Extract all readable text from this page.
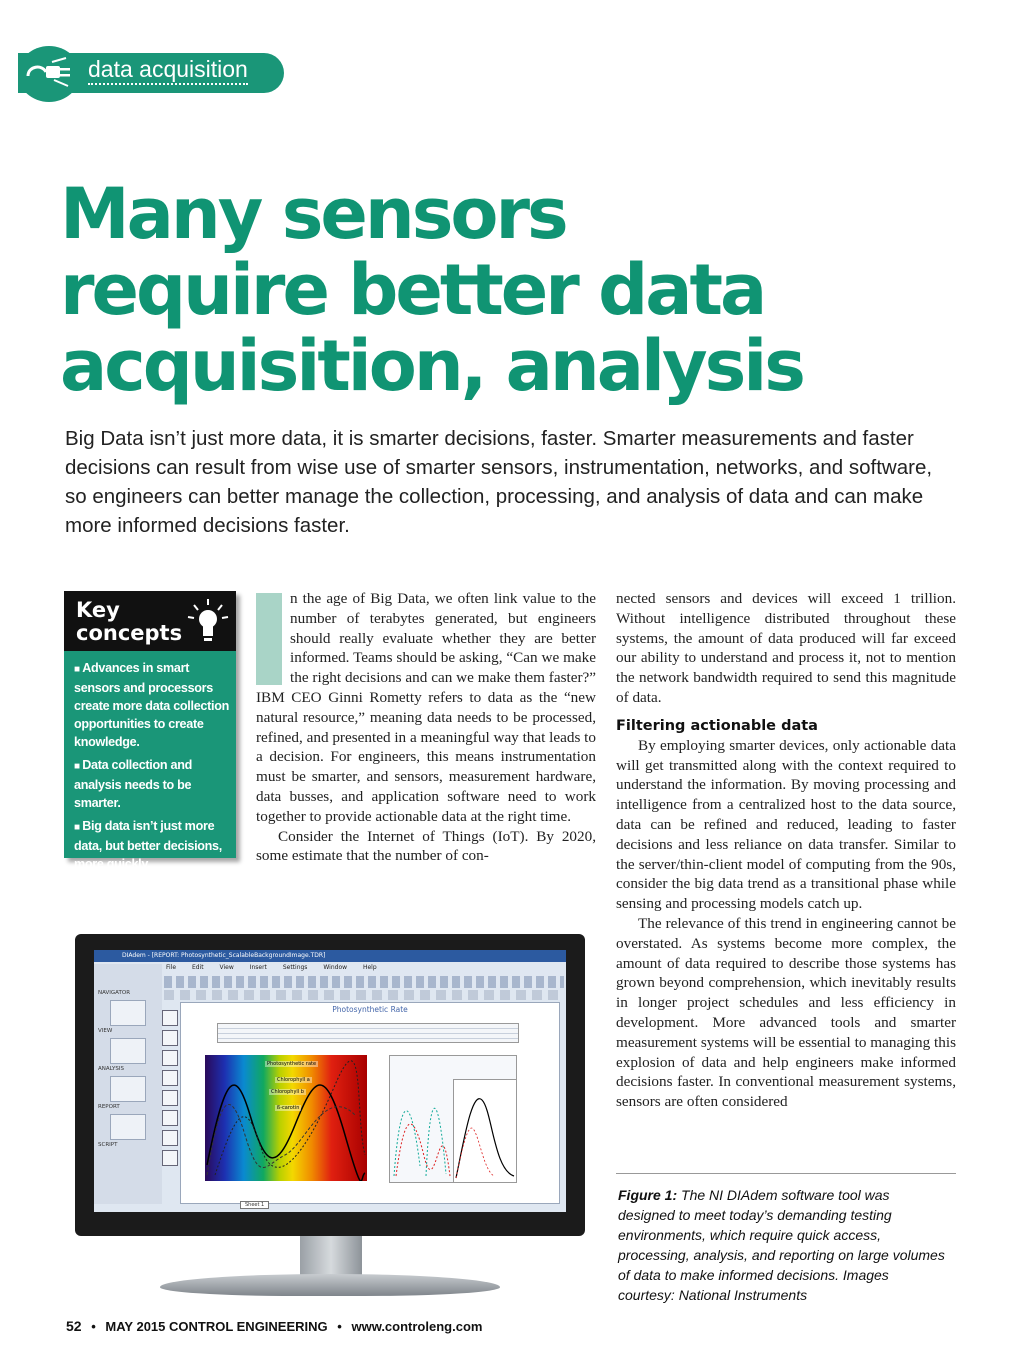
data acquisition
Many sensors
require better data
acquisition, analysis

Big Data isn’t just more data, it is smarter decisions, faster. Smarter measurements and faster decisions can result from wise use of smarter sensors, instrumentation, networks, and software, so engineers can better manage the collection, processing, and analysis of data and can make more informed decisions faster.

Key
concepts
■ Advances in smart sensors and processors create more data collection opportunities to create knowledge.
■ Data collection and analysis needs to be smarter.
■ Big data isn’t just more data, but better decisions, more quickly.

n the age of Big Data, we often link value to the number of terabytes generated, but engineers should really evaluate whether they are better informed. Teams should be asking, “Can we make the right decisions and can we make them faster?” IBM CEO Ginni Rometty refers to data as the “new natural resource,” meaning data needs to be processed, refined, and presented in a meaningful way that leads to a decision. For engineers, this means instrumentation must be smarter, and sensors, measurement hardware, data busses, and application software need to work together to provide actionable data at the right time.

Consider the Internet of Things (IoT). By 2020, some estimate that the number of con-

nected sensors and devices will exceed 1 trillion. Without intelligence distributed throughout these systems, the amount of data produced will far exceed our ability to understand and process it, not to mention the network bandwidth required to send this magnitude of data.

Filtering actionable data

By employing smarter devices, only actionable data will get transmitted along with the context required to understand the information. By moving processing and intelligence from a centralized host to the data source, data can be refined and reduced, leading to faster decisions and less reliance on data transfer. Similar to the server/thin-client model of computing from the 90s, consider the big data trend as a transitional phase while sensing and processing models catch up.

The relevance of this trend in engineering cannot be overstated. As systems become more complex, the amount of data required to describe those systems has grown beyond comprehension, which inevitably results in longer project schedules and less efficiency in development. More advanced tools and smarter measurement systems will be essential to managing this explosion of data and help engineers make informed decisions faster. In conventional measurement systems, sensors are often considered

Figure 1: The NI DIAdem software tool was designed to meet today’s demanding testing environments, which require quick access, processing, analysis, and reporting on large volumes of data to make informed decisions. Images courtesy: National Instruments

DIAdem - [REPORT: Photosynthetic_ScalableBackgroundImage.TDR]
File	Edit	View	Insert	Settings	Window	Help
NAVIGATOR
VIEW
ANALYSIS
REPORT
SCRIPT
Photosynthetic Rate
Photosynthetic rate
Chlorophyll a
Chlorophyll b
ß-carotin
Sheet 1
52 • MAY 2015 CONTROL ENGINEERING • www.controleng.com
